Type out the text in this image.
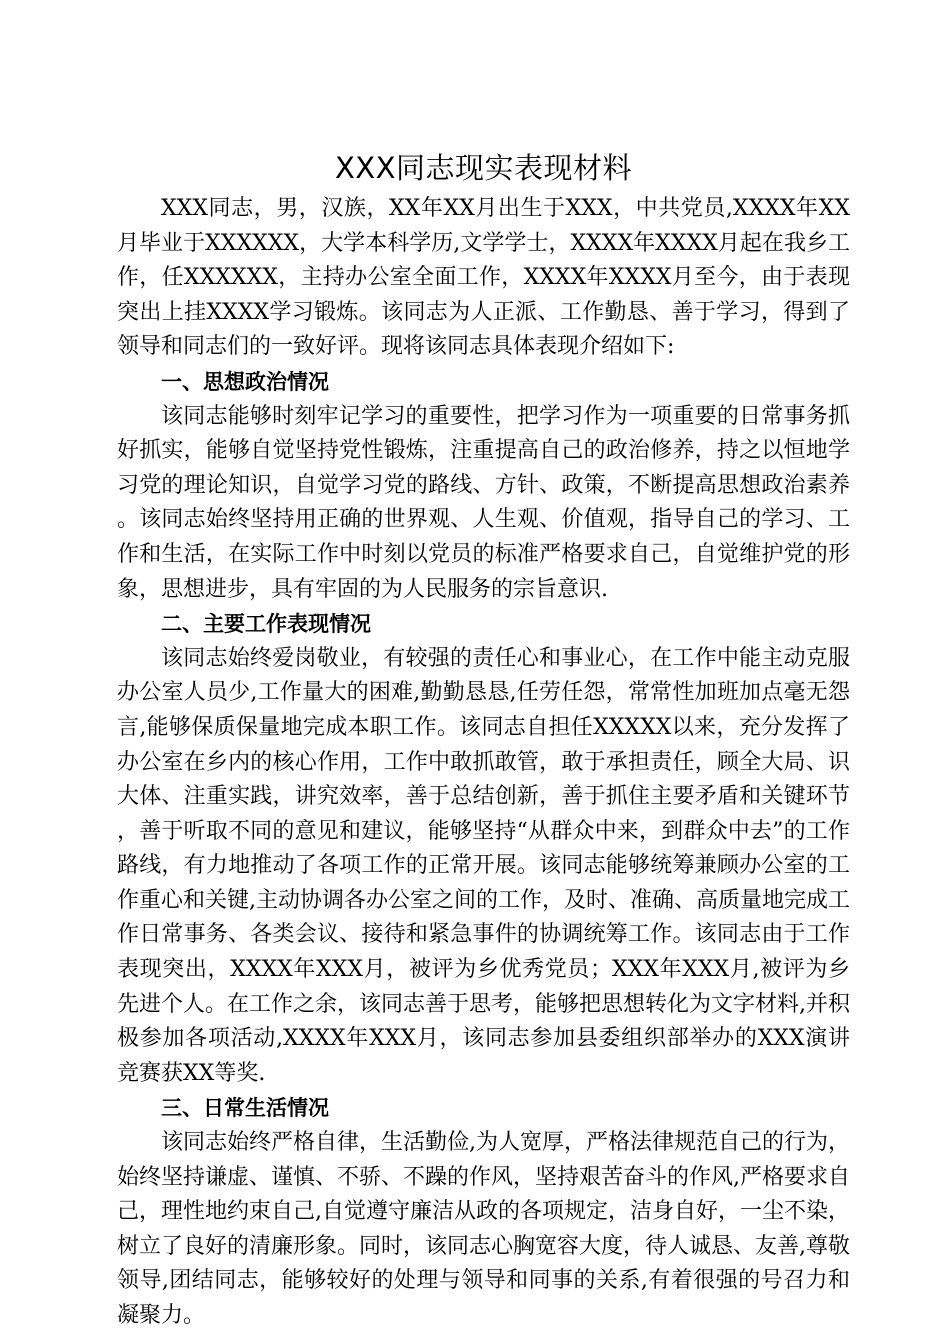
XXX同志现实表现材料

XXX同志，男，汉族，XX年XX月出生于XXX，中共党员,XXXX年XX月毕业于XXXXXX，大学本科学历,文学学士，XXXX年XXXX月起在我乡工作，任XXXXXX，主持办公室全面工作，XXXX年XXXX月至今，由于表现突出上挂XXXX学习锻炼。该同志为人正派、工作勤恳、善于学习，得到了领导和同志们的一致好评。现将该同志具体表现介绍如下:

一、思想政治情况

该同志能够时刻牢记学习的重要性，把学习作为一项重要的日常事务抓好抓实，能够自觉坚持党性锻炼，注重提高自己的政治修养，持之以恒地学习党的理论知识，自觉学习党的路线、方针、政策，不断提高思想政治素养。该同志始终坚持用正确的世界观、人生观、价值观，指导自己的学习、工作和生活，在实际工作中时刻以党员的标准严格要求自己，自觉维护党的形象，思想进步，具有牢固的为人民服务的宗旨意识.

二、主要工作表现情况

该同志始终爱岗敬业，有较强的责任心和事业心，在工作中能主动克服办公室人员少,工作量大的困难,勤勤恳恳,任劳任怨，常常性加班加点毫无怨言,能够保质保量地完成本职工作。该同志自担任XXXXX以来，充分发挥了办公室在乡内的核心作用，工作中敢抓敢管，敢于承担责任，顾全大局、识大体、注重实践，讲究效率，善于总结创新，善于抓住主要矛盾和关键环节，善于听取不同的意见和建议，能够坚持“从群众中来，到群众中去”的工作路线，有力地推动了各项工作的正常开展。该同志能够统筹兼顾办公室的工作重心和关键,主动协调各办公室之间的工作，及时、准确、高质量地完成工作日常事务、各类会议、接待和紧急事件的协调统筹工作。该同志由于工作表现突出，XXXX年XXX月，被评为乡优秀党员；XXX年XXX月,被评为乡先进个人。在工作之余，该同志善于思考，能够把思想转化为文字材料,并积极参加各项活动,XXXX年XXX月，该同志参加县委组织部举办的XXX演讲竞赛获XX等奖.

三、日常生活情况

该同志始终严格自律，生活勤俭,为人宽厚，严格法律规范自己的行为，始终坚持谦虚、谨慎、不骄、不躁的作风，坚持艰苦奋斗的作风,严格要求自己，理性地约束自己,自觉遵守廉洁从政的各项规定，洁身自好，一尘不染，树立了良好的清廉形象。同时，该同志心胸宽容大度，待人诚恳、友善,尊敬领导,团结同志，能够较好的处理与领导和同事的关系,有着很强的号召力和凝聚力。
